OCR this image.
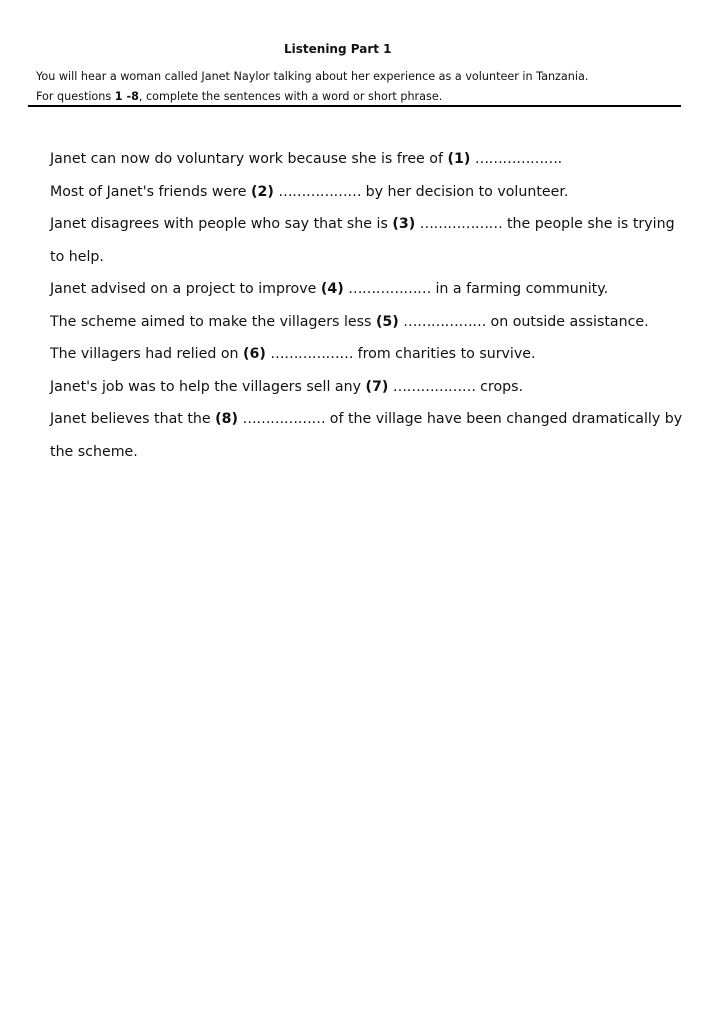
Listening Part 1
You will hear a woman called Janet Naylor talking about her experience as a volunteer in Tanzania.
For questions 1 -8, complete the sentences with a word or short phrase.

Janet can now do voluntary work because she is free of (1) ……………….

Most of Janet's friends were (2) ……………… by her decision to volunteer.

Janet disagrees with people who say that she is (3) ……………… the people she is trying to help.

Janet advised on a project to improve (4) ……………… in a farming community.

The scheme aimed to make the villagers less (5) ……………… on outside assistance.

The villagers had relied on (6) ……………… from charities to survive.

Janet's job was to help the villagers sell any (7) ……………… crops.

Janet believes that the (8) ……………… of the village have been changed dramatically by the scheme.
